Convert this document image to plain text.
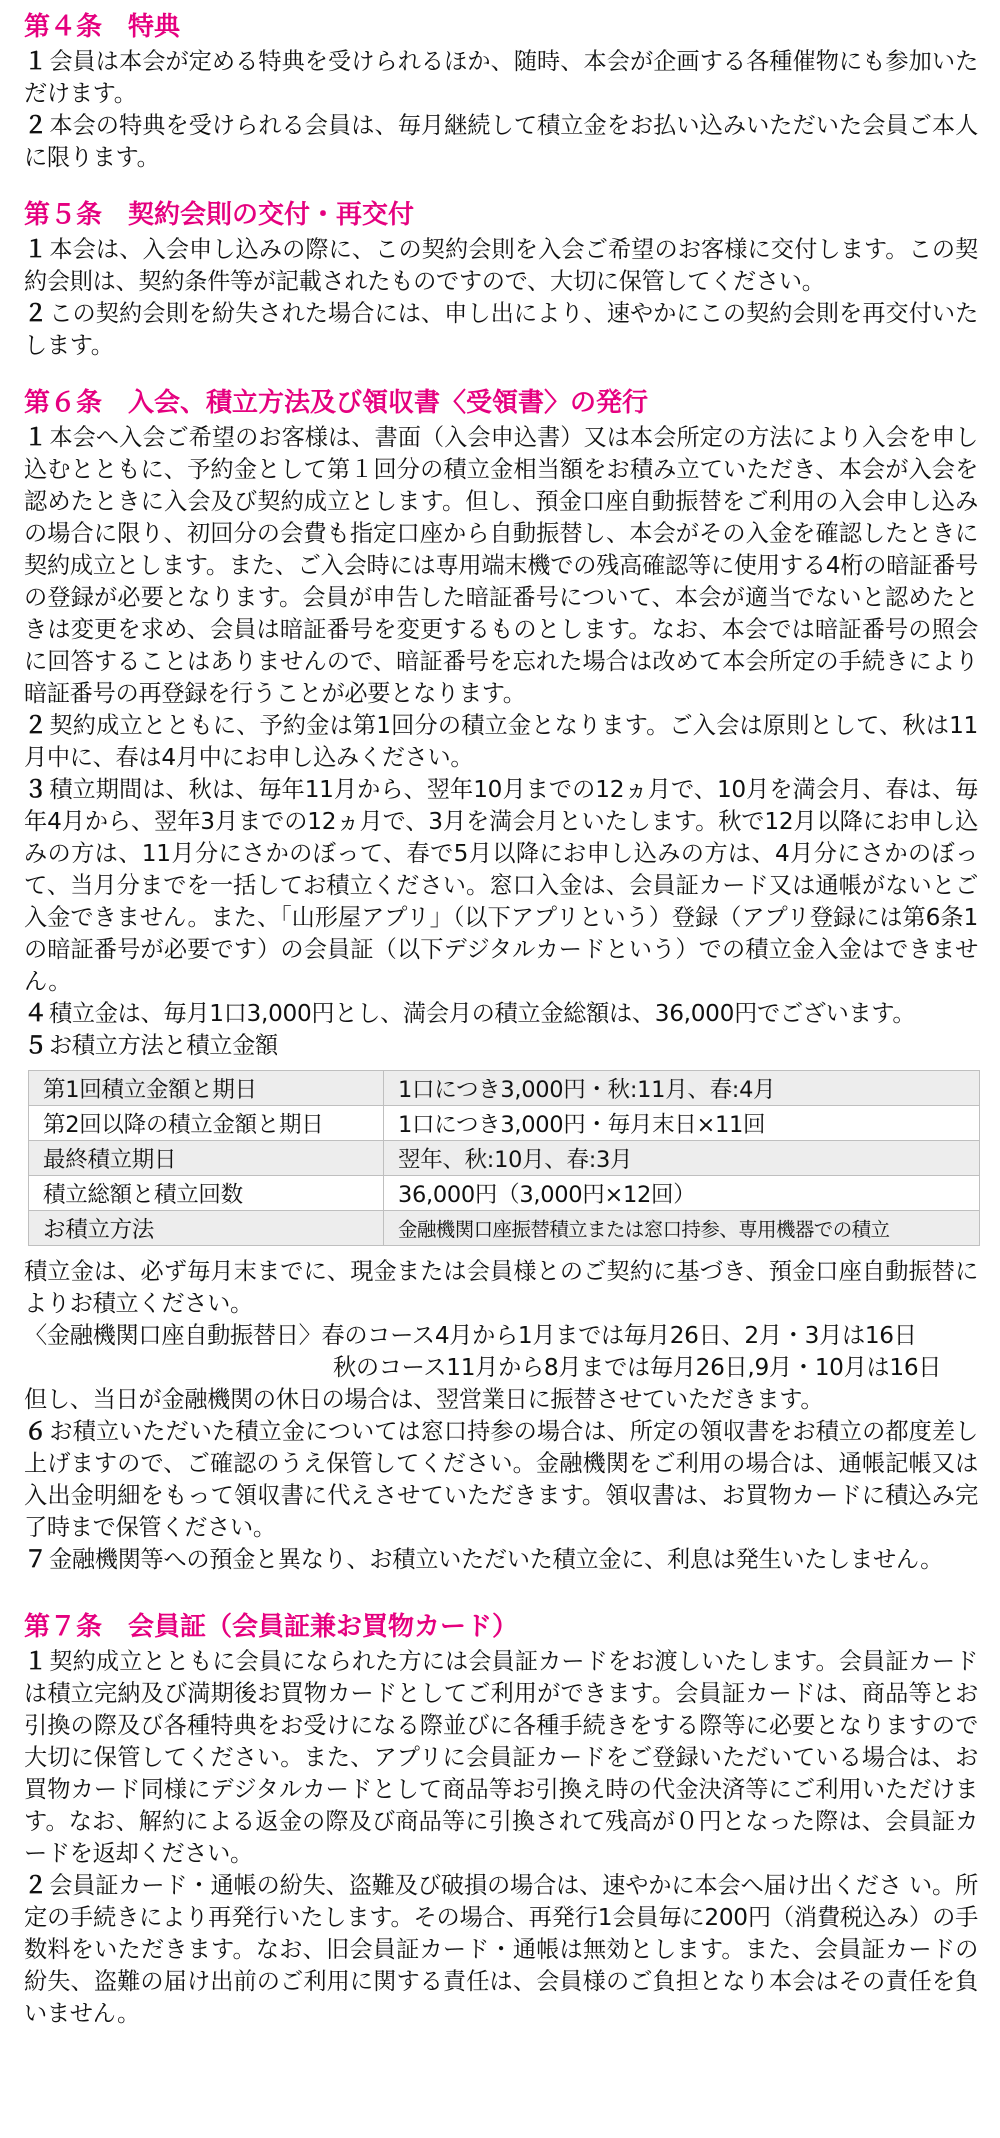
第４条　特典

１会員は本会が定める特典を受けられるほか、随時、本会が企画する各種催物にも参加いただけます。

２本会の特典を受けられる会員は、毎月継続して積立金をお払い込みいただいた会員ご本人に限ります。

第５条　契約会則の交付・再交付

１本会は、入会申し込みの際に、この契約会則を入会ご希望のお客様に交付します。この契約会則は、契約条件等が記載されたものですので、大切に保管してください。

２この契約会則を紛失された場合には、申し出により、速やかにこの契約会則を再交付いたします。

第６条　入会、積立方法及び領収書〈受領書〉の発行

１本会へ入会ご希望のお客様は、書面（入会申込書）又は本会所定の方法により入会を申し込むとともに、予約金として第１回分の積立金相当額をお積み立ていただき、本会が入会を認めたときに入会及び契約成立とします。但し、預金口座自動振替をご利用の入会申し込みの場合に限り、初回分の会費も指定口座から自動振替し、本会がその入金を確認したときに契約成立とします。また、ご入会時には専用端末機での残高確認等に使用する4桁の暗証番号の登録が必要となります。会員が申告した暗証番号について、本会が適当でないと認めたときは変更を求め、会員は暗証番号を変更するものとします。なお、本会では暗証番号の照会に回答することはありませんので、暗証番号を忘れた場合は改めて本会所定の手続きにより暗証番号の再登録を行うことが必要となります。

２契約成立とともに、予約金は第1回分の積立金となります。ご入会は原則として、秋は11月中に、春は4月中にお申し込みください。

３積立期間は、秋は、毎年11月から、翌年10月までの12ヵ月で、10月を満会月、春は、毎年4月から、翌年3月までの12ヵ月で、3月を満会月といたします。秋で12月以降にお申し込みの方は、11月分にさかのぼって、春で5月以降にお申し込みの方は、4月分にさかのぼって、当月分までを一括してお積立ください。窓口入金は、会員証カード又は通帳がないとご入金できません。また、「山形屋アプリ」（以下アプリという）登録（アプリ登録には第6条1の暗証番号が必要です）の会員証（以下デジタルカードという）での積立金入金はできません。

４積立金は、毎月1口3,000円とし、満会月の積立金総額は、36,000円でございます。

５お積立方法と積立金額

第1回積立金額と期日	1口につき3,000円・秋:11月、春:4月
第2回以降の積立金額と期日	1口につき3,000円・毎月末日×11回
最終積立期日	翌年、秋:10月、春:3月
積立総額と積立回数	36,000円（3,000円×12回）
お積立方法	金融機関口座振替積立または窓口持参、専用機器での積立

積立金は、必ず毎月末までに、現金または会員様とのご契約に基づき、預金口座自動振替によりお積立ください。

〈金融機関口座自動振替日〉春のコース4月から1月までは毎月26日、2月・3月は16日
秋のコース11月から8月までは毎月26日,9月・10月は16日

但し、当日が金融機関の休日の場合は、翌営業日に振替させていただきます。

６お積立いただいた積立金については窓口持参の場合は、所定の領収書をお積立の都度差し上げますので、ご確認のうえ保管してください。金融機関をご利用の場合は、通帳記帳又は入出金明細をもって領収書に代えさせていただきます。領収書は、お買物カードに積込み完了時まで保管ください。

７金融機関等への預金と異なり、お積立いただいた積立金に、利息は発生いたしません。

第７条　会員証（会員証兼お買物カード）

１契約成立とともに会員になられた方には会員証カードをお渡しいたします。会員証カードは積立完納及び満期後お買物カードとしてご利用ができます。会員証カードは、商品等とお引換の際及び各種特典をお受けになる際並びに各種手続きをする際等に必要となりますので大切に保管してください。また、アプリに会員証カードをご登録いただいている場合は、お買物カード同様にデジタルカードとして商品等お引換え時の代金決済等にご利用いただけます。なお、解約による返金の際及び商品等に引換されて残高が０円となった際は、会員証カードを返却ください。

２会員証カード・通帳の紛失、盗難及び破損の場合は、速やかに本会へ届け出くださ い。所定の手続きにより再発行いたします。その場合、再発行1会員毎に200円（消費税込み）の手数料をいただきます。なお、旧会員証カード・通帳は無効とします。また、会員証カードの紛失、盗難の届け出前のご利用に関する責任は、会員様のご負担となり本会はその責任を負いません。
